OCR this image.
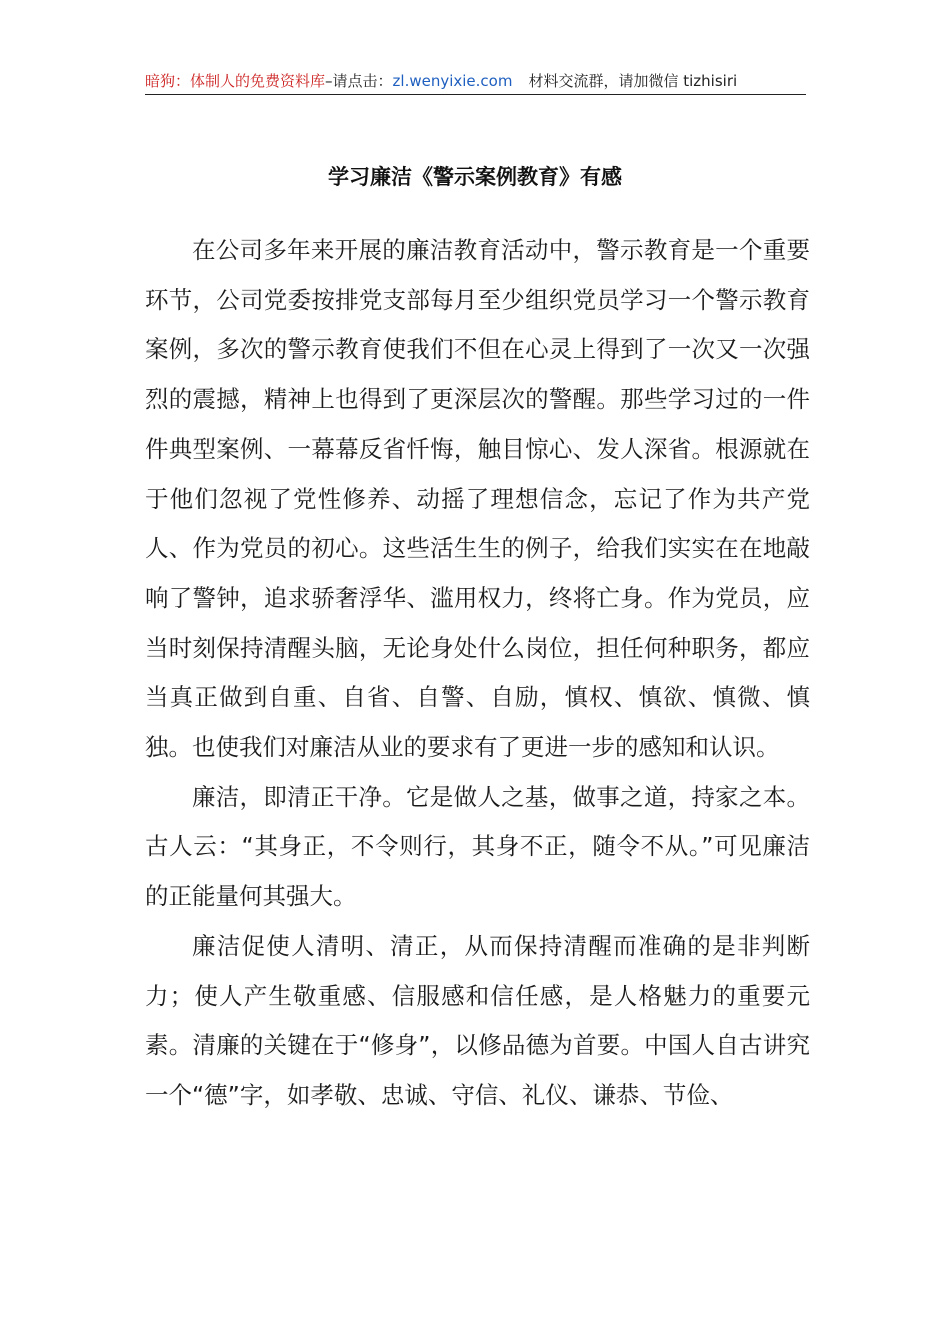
暗狗：体制人的免费资料库–请点击：zl.wenyixie.com 材料交流群，请加微信 tizhisiri
学习廉洁《警示案例教育》有感

在公司多年来开展的廉洁教育活动中，警示教育是一个重要环节，公司党委按排党支部每月至少组织党员学习一个警示教育案例，多次的警示教育使我们不但在心灵上得到了一次又一次强烈的震撼，精神上也得到了更深层次的警醒。那些学习过的一件件典型案例、一幕幕反省忏悔，触目惊心、发人深省。根源就在于他们忽视了党性修养、动摇了理想信念，忘记了作为共产党人、作为党员的初心。这些活生生的例子，给我们实实在在地敲响了警钟，追求骄奢浮华、滥用权力，终将亡身。作为党员，应当时刻保持清醒头脑，无论身处什么岗位，担任何种职务，都应当真正做到自重、自省、自警、自励，慎权、慎欲、慎微、慎独。也使我们对廉洁从业的要求有了更进一步的感知和认识。

廉洁，即清正干净。它是做人之基，做事之道，持家之本。古人云：“其身正，不令则行，其身不正，随令不从。”可见廉洁的正能量何其强大。

廉洁促使人清明、清正，从而保持清醒而准确的是非判断力；使人产生敬重感、信服感和信任感，是人格魅力的重要元素。清廉的关键在于“修身”，以修品德为首要。中国人自古讲究一个“德”字，如孝敬、忠诚、守信、礼仪、谦恭、节俭、
